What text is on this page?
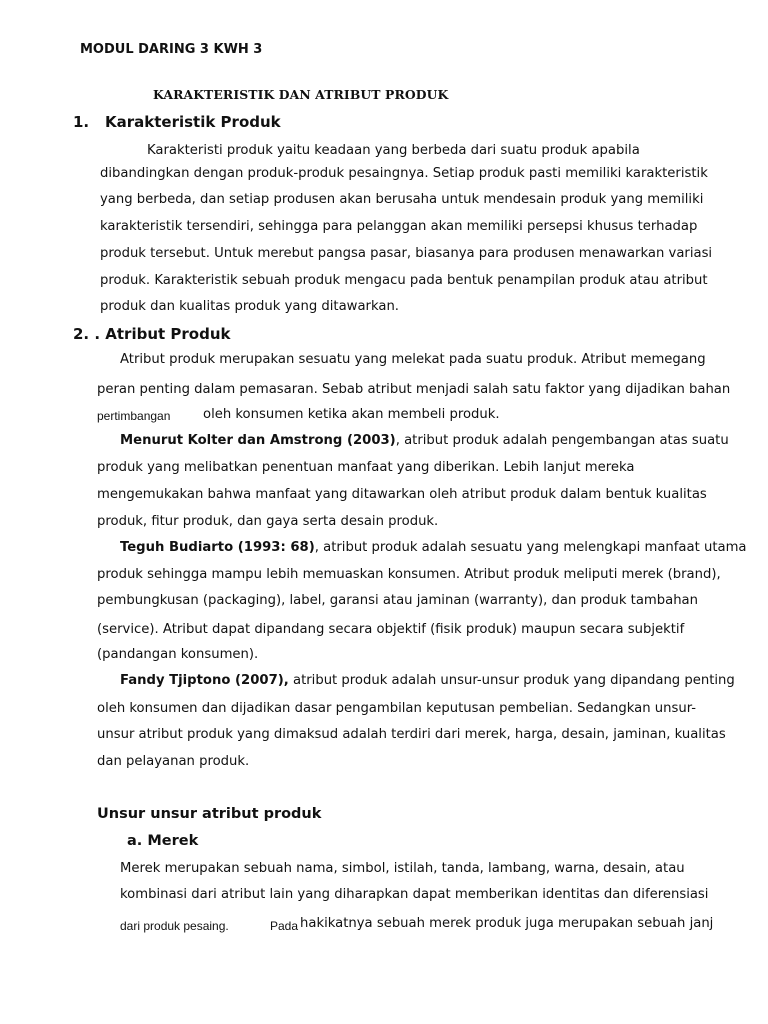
MODUL DARING 3 KWH 3
KARAKTERISTIK DAN ATRIBUT PRODUK
1. Karakteristik Produk
Karakteristi produk yaitu keadaan yang berbeda dari suatu produk apabila
dibandingkan dengan produk-produk pesaingnya. Setiap produk pasti memiliki karakteristik
yang berbeda, dan setiap produsen akan berusaha untuk mendesain produk yang memiliki
karakteristik tersendiri, sehingga para pelanggan akan memiliki persepsi khusus terhadap
produk tersebut. Untuk merebut pangsa pasar, biasanya para produsen menawarkan variasi
produk. Karakteristik sebuah produk mengacu pada bentuk penampilan produk atau atribut
produk dan kualitas produk yang ditawarkan.
2. . Atribut Produk
Atribut produk merupakan sesuatu yang melekat pada suatu produk. Atribut memegang
peran penting dalam pemasaran. Sebab atribut menjadi salah satu faktor yang dijadikan bahan
pertimbangan oleh konsumen ketika akan membeli produk.
Menurut Kolter dan Amstrong (2003), atribut produk adalah pengembangan atas suatu
produk yang melibatkan penentuan manfaat yang diberikan. Lebih lanjut mereka
mengemukakan bahwa manfaat yang ditawarkan oleh atribut produk dalam bentuk kualitas
produk, fitur produk, dan gaya serta desain produk.
Teguh Budiarto (1993: 68), atribut produk adalah sesuatu yang melengkapi manfaat utama
produk sehingga mampu lebih memuaskan konsumen. Atribut produk meliputi merek (brand),
pembungkusan (packaging), label, garansi atau jaminan (warranty), dan produk tambahan
(service). Atribut dapat dipandang secara objektif (fisik produk) maupun secara subjektif
(pandangan konsumen).
Fandy Tjiptono (2007), atribut produk adalah unsur-unsur produk yang dipandang penting
oleh konsumen dan dijadikan dasar pengambilan keputusan pembelian. Sedangkan unsur-
unsur atribut produk yang dimaksud adalah terdiri dari merek, harga, desain, jaminan, kualitas
dan pelayanan produk.
Unsur unsur atribut produk
a. Merek
Merek merupakan sebuah nama, simbol, istilah, tanda, lambang, warna, desain, atau
kombinasi dari atribut lain yang diharapkan dapat memberikan identitas dan diferensiasi
dari produk pesaing.	Pada hakikatnya sebuah merek produk juga merupakan sebuah janj
